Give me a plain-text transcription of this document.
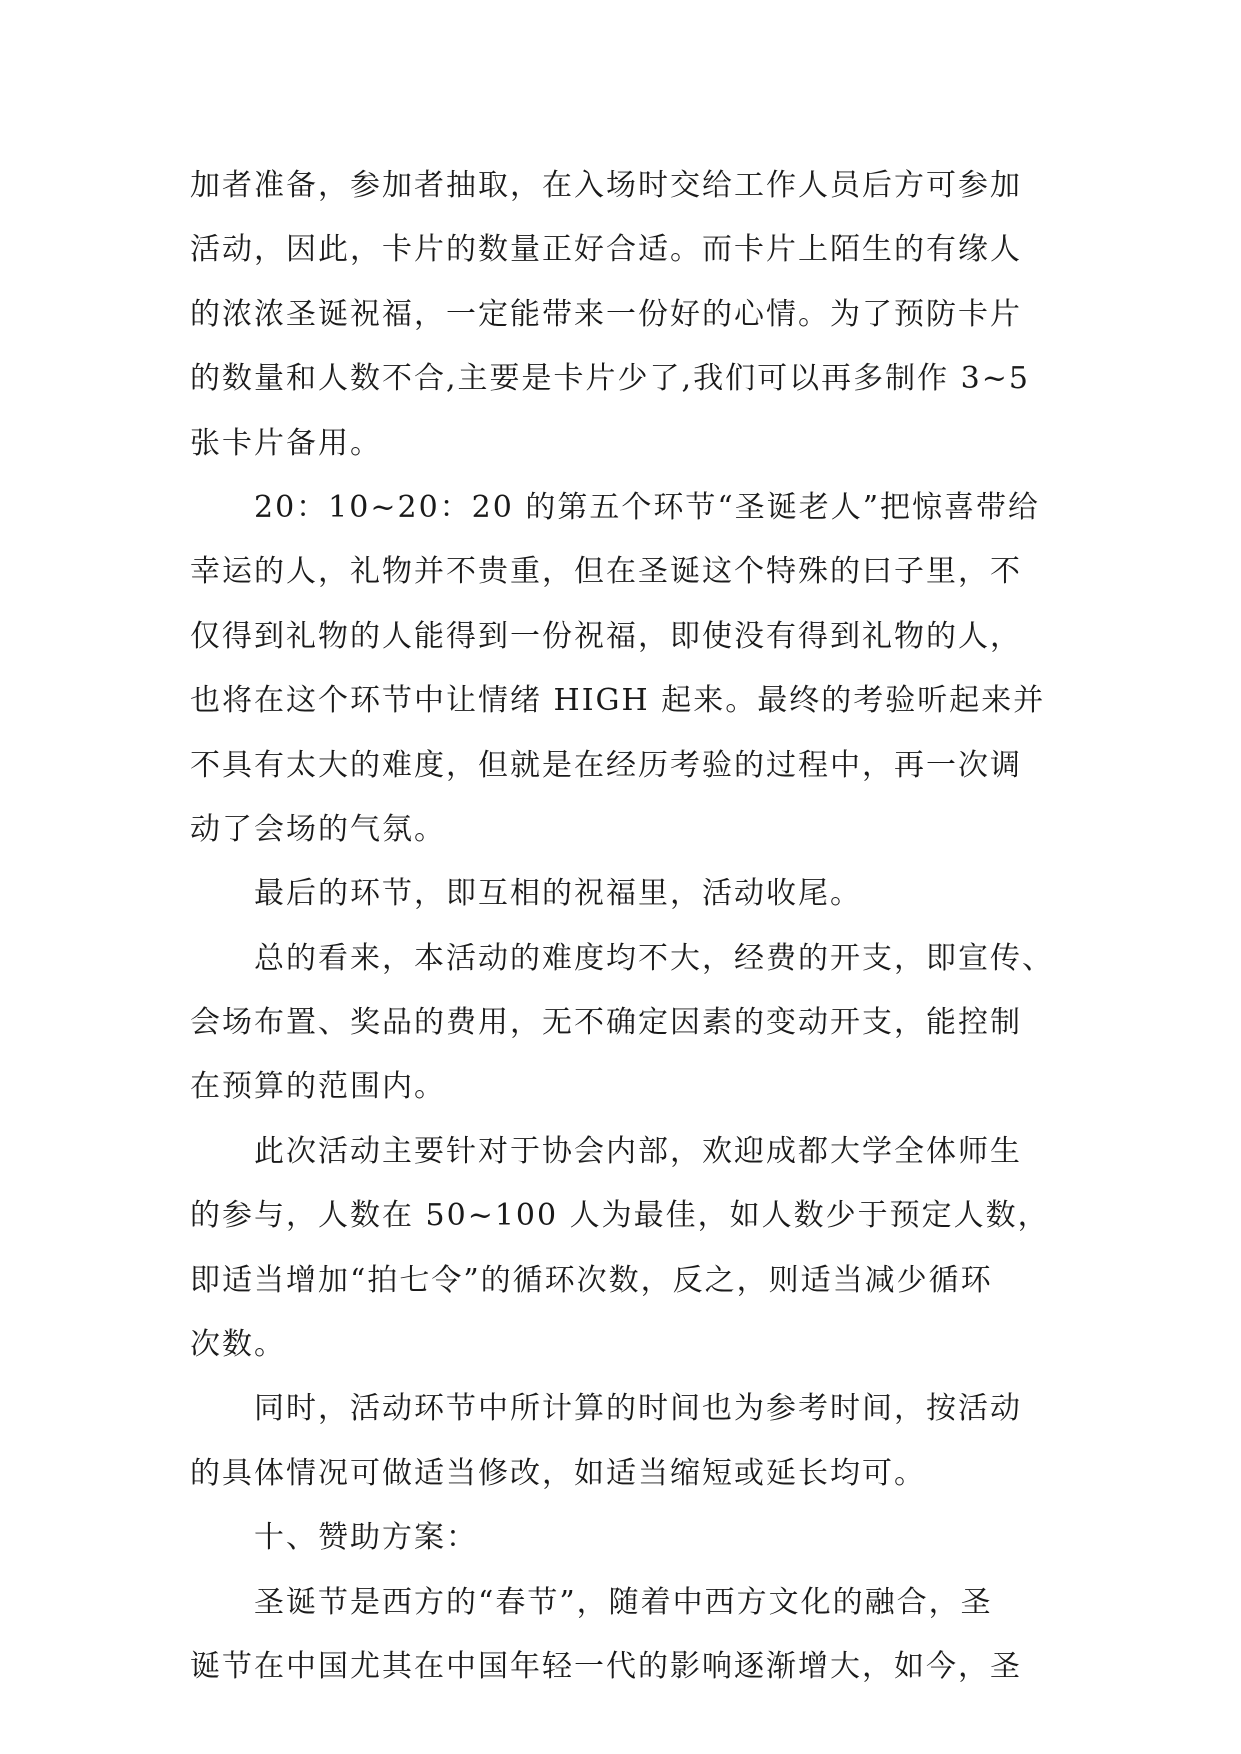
加者准备，参加者抽取，在入场时交给工作人员后方可参加
活动，因此，卡片的数量正好合适。而卡片上陌生的有缘人
的浓浓圣诞祝福，一定能带来一份好的心情。为了预防卡片
的数量和人数不合,主要是卡片少了,我们可以再多制作 3~5
张卡片备用。
20：10~20：20 的第五个环节“圣诞老人”把惊喜带给
幸运的人，礼物并不贵重，但在圣诞这个特殊的曰子里，不
仅得到礼物的人能得到一份祝福，即使没有得到礼物的人，
也将在这个环节中让情绪 HIGH 起来。最终的考验听起来并
不具有太大的难度，但就是在经历考验的过程中，再一次调
动了会场的气氛。
最后的环节，即互相的祝福里，活动收尾。
总的看来，本活动的难度均不大，经费的开支，即宣传、
会场布置、奖品的费用，无不确定因素的变动开支，能控制
在预算的范围内。
此次活动主要针对于协会内部，欢迎成都大学全体师生
的参与，人数在 50~100 人为最佳，如人数少于预定人数，
即适当增加“拍七令”的循环次数，反之，则适当减少循环
次数。
同时，活动环节中所计算的时间也为参考时间，按活动
的具体情况可做适当修改，如适当缩短或延长均可。
十、赞助方案：
圣诞节是西方的“春节”，随着中西方文化的融合，圣
诞节在中国尤其在中国年轻一代的影响逐渐增大，如今，圣
